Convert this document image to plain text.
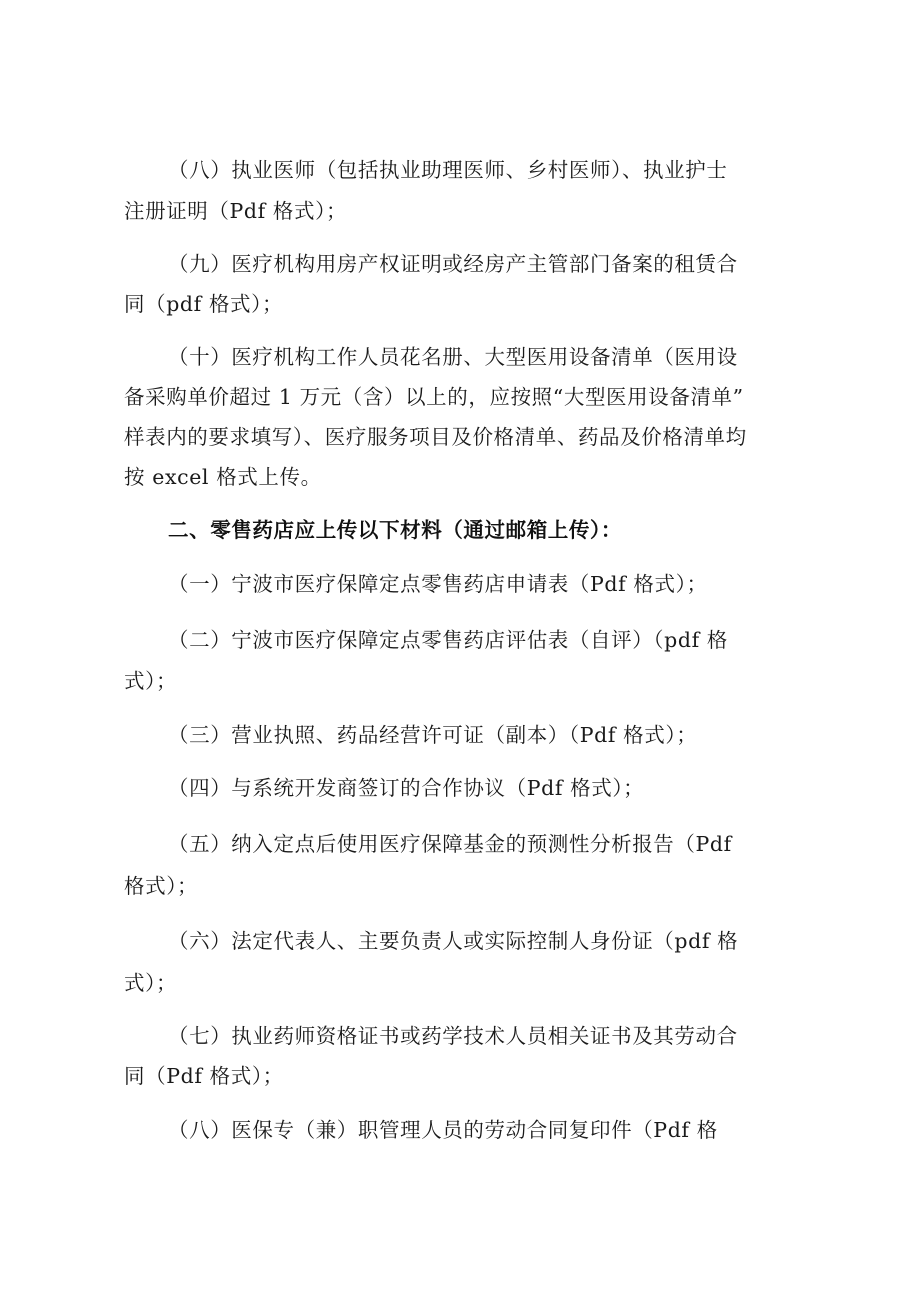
（八）执业医师（包括执业助理医师、乡村医师）、执业护士
注册证明（Pdf 格式）；
（九）医疗机构用房产权证明或经房产主管部门备案的租赁合
同（pdf 格式）；
（十）医疗机构工作人员花名册、大型医用设备清单（医用设
备采购单价超过 1 万元（含）以上的，应按照“大型医用设备清单”
样表内的要求填写）、医疗服务项目及价格清单、药品及价格清单均
按 excel 格式上传。
二、零售药店应上传以下材料（通过邮箱上传）：
（一）宁波市医疗保障定点零售药店申请表（Pdf 格式）；
（二）宁波市医疗保障定点零售药店评估表（自评）（pdf 格
式）；
（三）营业执照、药品经营许可证（副本）（Pdf 格式）；
（四）与系统开发商签订的合作协议（Pdf 格式）；
（五）纳入定点后使用医疗保障基金的预测性分析报告（Pdf
格式）；
（六）法定代表人、主要负责人或实际控制人身份证（pdf 格
式）；
（七）执业药师资格证书或药学技术人员相关证书及其劳动合
同（Pdf 格式）；
（八）医保专（兼）职管理人员的劳动合同复印件（Pdf 格
